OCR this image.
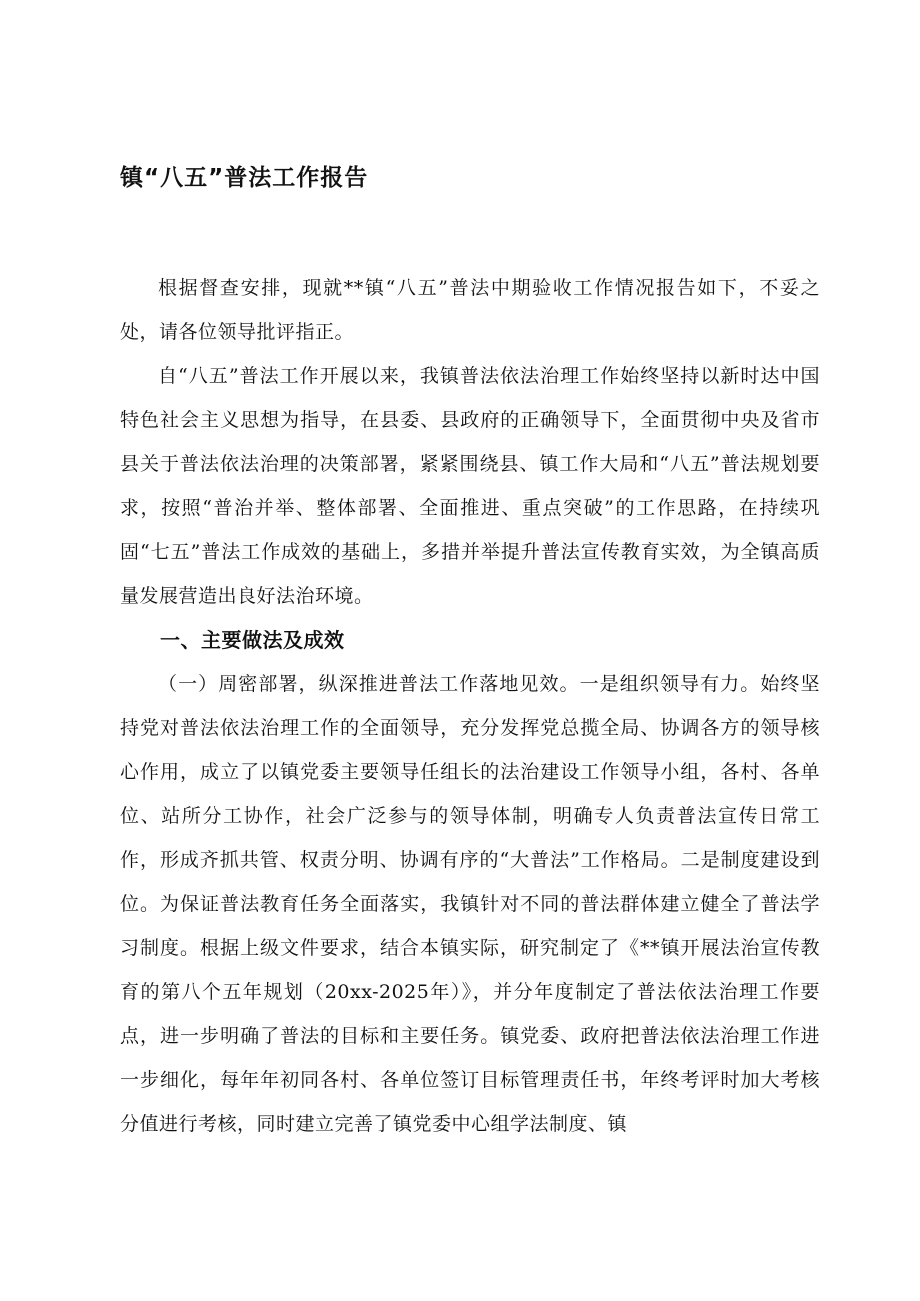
镇“八五”普法工作报告

根据督查安排，现就**镇“八五”普法中期验收工作情况报告如下，不妥之处，请各位领导批评指正。

自“八五”普法工作开展以来，我镇普法依法治理工作始终坚持以新时达中国特色社会主义思想为指导，在县委、县政府的正确领导下，全面贯彻中央及省市县关于普法依法治理的决策部署，紧紧围绕县、镇工作大局和“八五”普法规划要求，按照“普治并举、整体部署、全面推进、重点突破”的工作思路，在持续巩固“七五”普法工作成效的基础上，多措并举提升普法宣传教育实效，为全镇高质量发展营造出良好法治环境。

一、主要做法及成效

（一）周密部署，纵深推进普法工作落地见效。一是组织领导有力。始终坚持党对普法依法治理工作的全面领导，充分发挥党总揽全局、协调各方的领导核心作用，成立了以镇党委主要领导任组长的法治建设工作领导小组，各村、各单位、站所分工协作，社会广泛参与的领导体制，明确专人负责普法宣传日常工作，形成齐抓共管、权责分明、协调有序的“大普法”工作格局。二是制度建设到位。为保证普法教育任务全面落实，我镇针对不同的普法群体建立健全了普法学习制度。根据上级文件要求，结合本镇实际，研究制定了《**镇开展法治宣传教育的第八个五年规划（20xx-2025年）》，并分年度制定了普法依法治理工作要点，进一步明确了普法的目标和主要任务。镇党委、政府把普法依法治理工作进一步细化，每年年初同各村、各单位签订目标管理责任书，年终考评时加大考核分值进行考核，同时建立完善了镇党委中心组学法制度、镇
